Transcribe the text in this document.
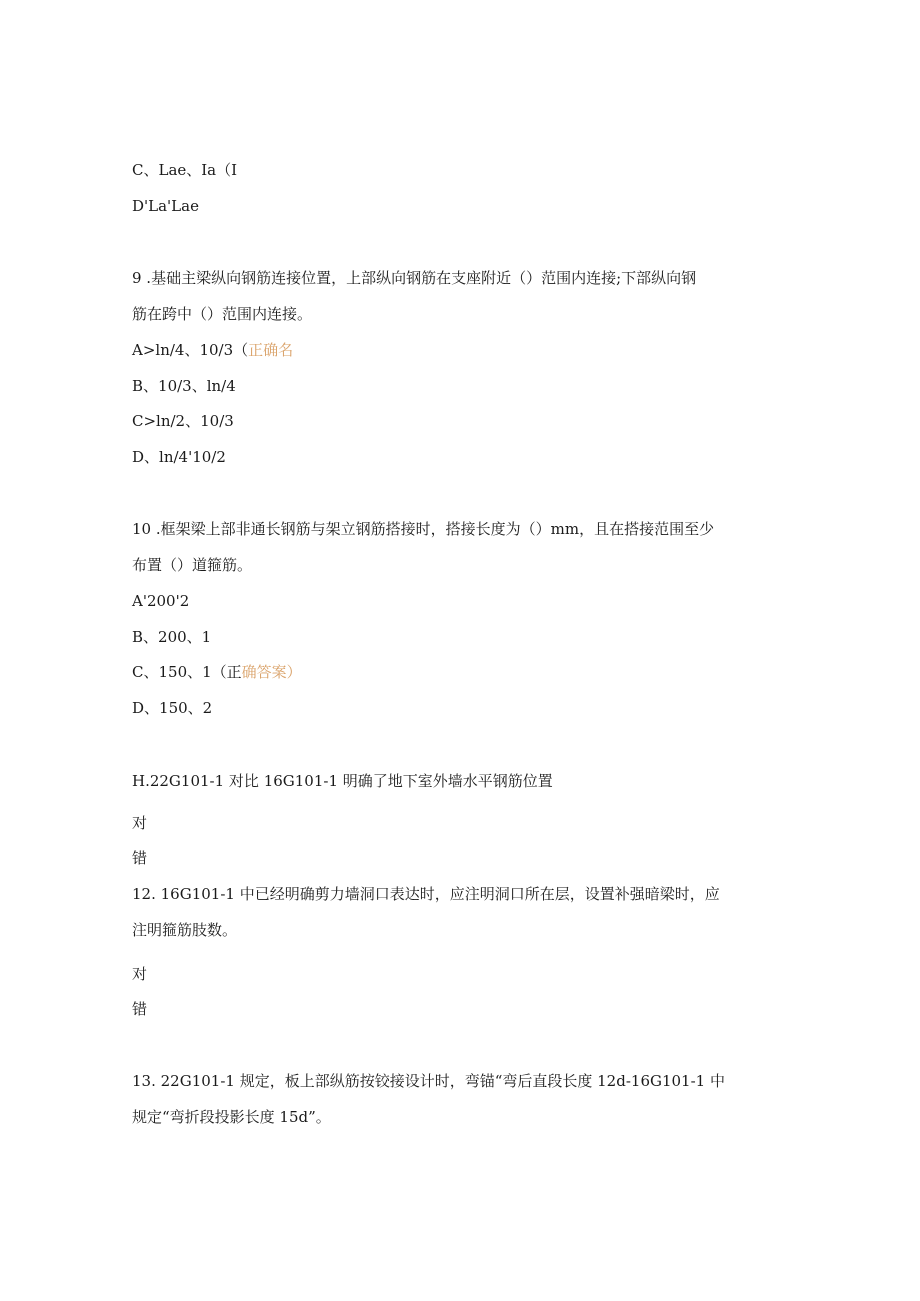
C、Lae、Ia（I

D'La'Lae

9 .基础主梁纵向钢筋连接位置，上部纵向钢筋在支座附近（）范围内连接;下部纵向钢

筋在跨中（）范围内连接。

A>ln/4、10/3（正确名

B、10/3、ln/4

C>ln/2、10/3

D、ln/4'10/2

10 .框架梁上部非通长钢筋与架立钢筋搭接时，搭接长度为（）mm，且在搭接范围至少

布置（）道箍筋。

A'200'2

B、200、1

C、150、1（正确答案）

D、150、2

H.22G101-1 对比 16G101-1 明确了地下室外墙水平钢筋位置

对

错

12. 16G101-1 中已经明确剪力墙洞口表达时，应注明洞口所在层，设置补强暗梁时，应

注明箍筋肢数。

对

错

13. 22G101-1 规定，板上部纵筋按铰接设计时，弯锚“弯后直段长度 12d-16G101-1 中

规定“弯折段投影长度 15d”。
